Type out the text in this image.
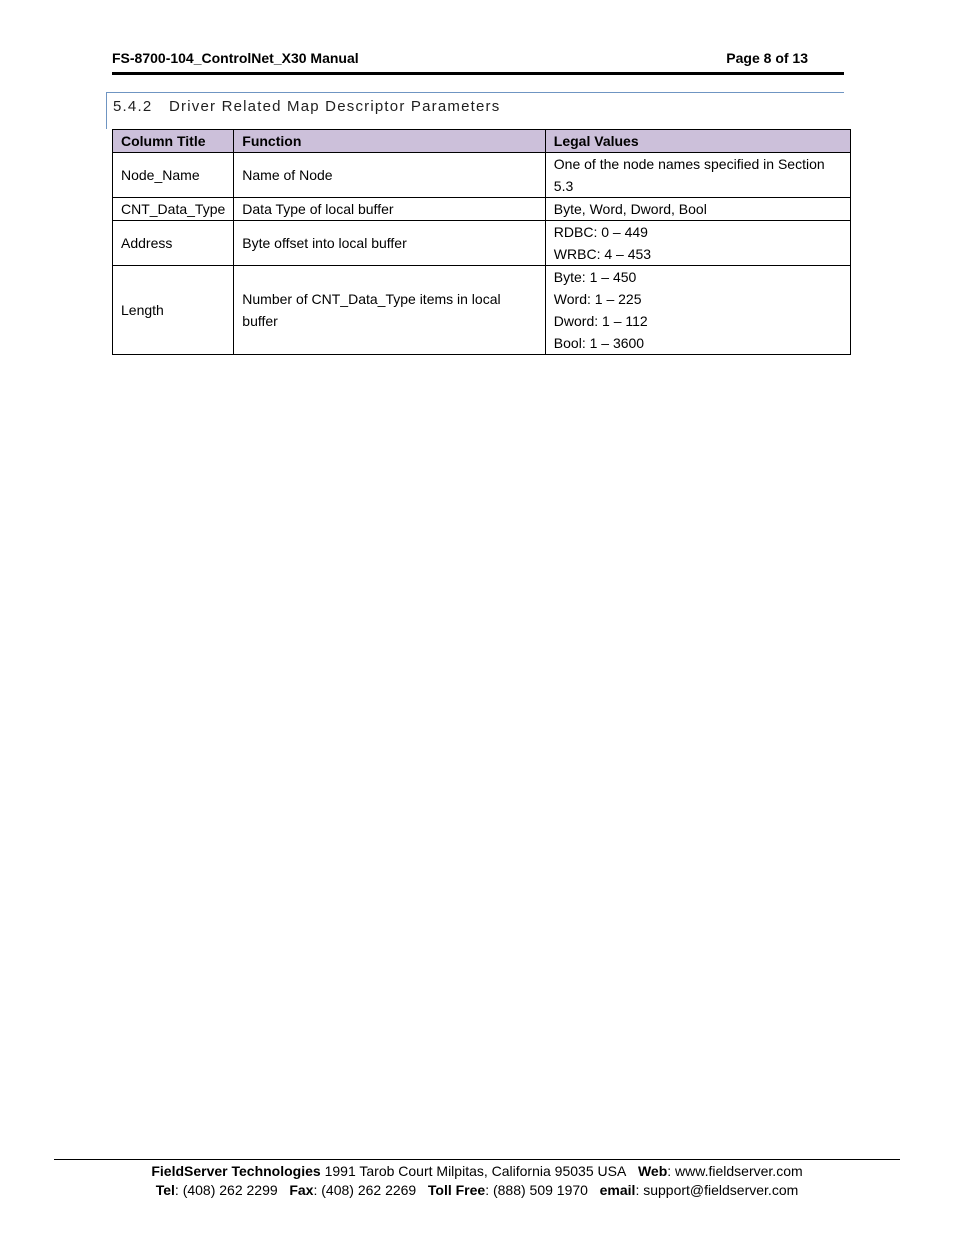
FS-8700-104_ControlNet_X30 Manual	Page 8 of 13
5.4.2 Driver Related Map Descriptor Parameters
Column Title	Function	Legal Values
Node_Name	Name of Node	One of the node names specified in Section 5.3
CNT_Data_Type	Data Type of local buffer	Byte, Word, Dword, Bool
Address	Byte offset into local buffer	RDBC: 0 – 449
WRBC: 4 – 453

Length	Number of CNT_Data_Type items in local buffer	Byte: 1 – 450
Word: 1 – 225
Dword: 1 – 112
Bool: 1 – 3600
FieldServer Technologies 1991 Tarob Court Milpitas, California 95035 USA Web: www.fieldserver.com
Tel: (408) 262 2299 Fax: (408) 262 2269 Toll Free: (888) 509 1970 email: support@fieldserver.com
